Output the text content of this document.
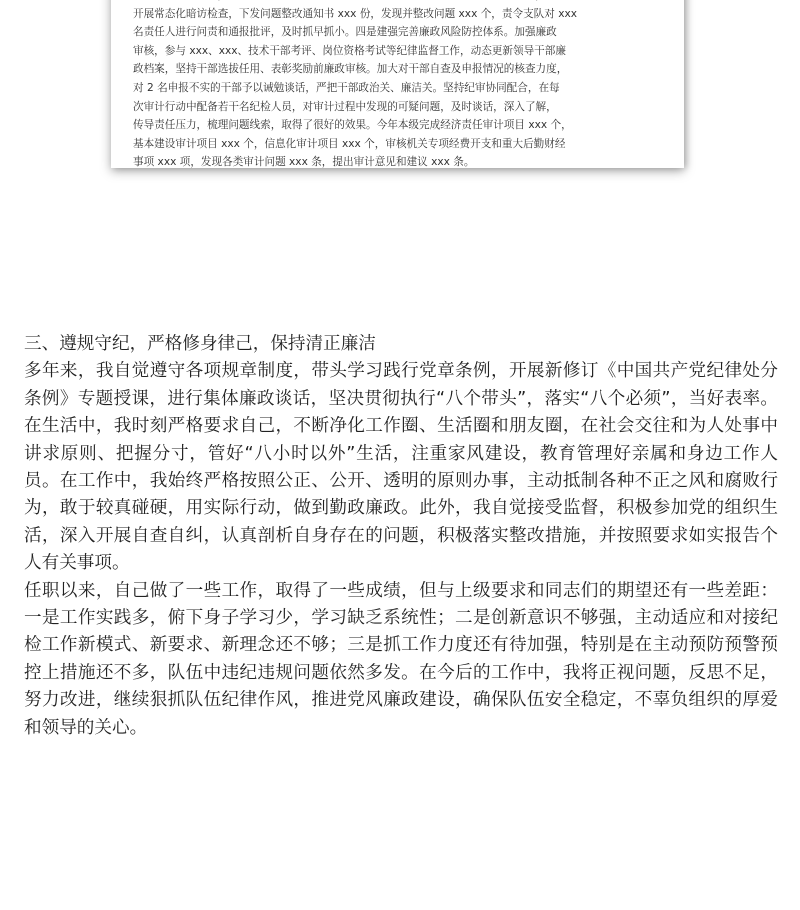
开展常态化暗访检查，下发问题整改通知书 xxx 份，发现并整改问题 xxx 个，责令支队对 xxx
名责任人进行问责和通报批评，及时抓早抓小。四是建强完善廉政风险防控体系。加强廉政
审核，参与 xxx、xxx、技术干部考评、岗位资格考试等纪律监督工作，动态更新领导干部廉
政档案，坚持干部选拔任用、表彰奖励前廉政审核。加大对干部自查及申报情况的核查力度，
对 2 名申报不实的干部予以诫勉谈话，严把干部政治关、廉洁关。坚持纪审协同配合，在每
次审计行动中配备若干名纪检人员，对审计过程中发现的可疑问题，及时谈话，深入了解，
传导责任压力，梳理问题线索，取得了很好的效果。今年本级完成经济责任审计项目 xxx 个，
基本建设审计项目 xxx 个，信息化审计项目 xxx 个，审核机关专项经费开支和重大后勤财经
事项 xxx 项，发现各类审计问题 xxx 条，提出审计意见和建议 xxx 条。
三、遵规守纪，严格修身律己，保持清正廉洁

多年来，我自觉遵守各项规章制度，带头学习践行党章条例，开展新修订《中国共产党纪律处分条例》专题授课，进行集体廉政谈话，坚决贯彻执行“八个带头”，落实“八个必须”，当好表率。在生活中，我时刻严格要求自己，不断净化工作圈、生活圈和朋友圈，在社会交往和为人处事中讲求原则、把握分寸，管好“八小时以外”生活，注重家风建设，教育管理好亲属和身边工作人员。在工作中，我始终严格按照公正、公开、透明的原则办事，主动抵制各种不正之风和腐败行为，敢于较真碰硬，用实际行动，做到勤政廉政。此外，我自觉接受监督，积极参加党的组织生活，深入开展自查自纠，认真剖析自身存在的问题，积极落实整改措施，并按照要求如实报告个人有关事项。

任职以来，自己做了一些工作，取得了一些成绩，但与上级要求和同志们的期望还有一些差距：一是工作实践多，俯下身子学习少，学习缺乏系统性；二是创新意识不够强，主动适应和对接纪检工作新模式、新要求、新理念还不够；三是抓工作力度还有待加强，特别是在主动预防预警预控上措施还不多，队伍中违纪违规问题依然多发。在今后的工作中，我将正视问题，反思不足，努力改进，继续狠抓队伍纪律作风，推进党风廉政建设，确保队伍安全稳定，不辜负组织的厚爱和领导的关心。
